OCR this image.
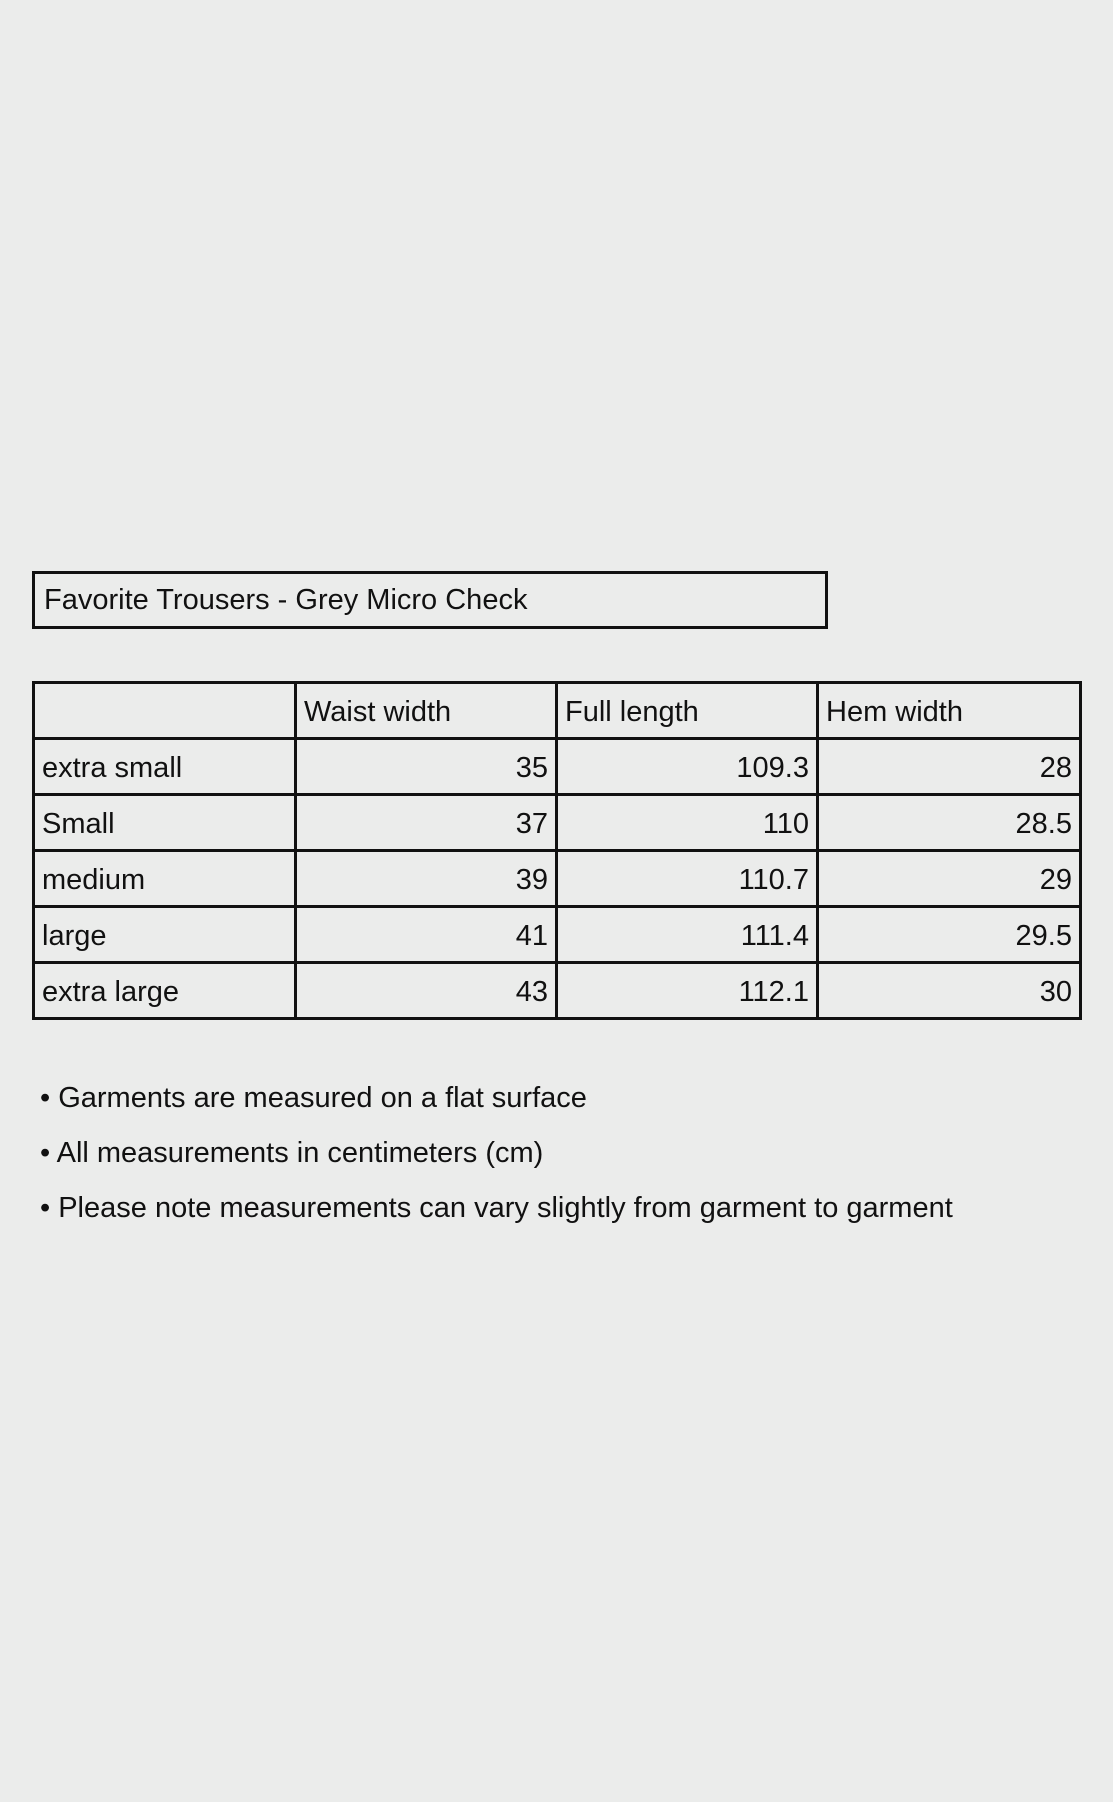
Favorite Trousers - Grey Micro Check
	Waist width	Full length	Hem width
extra small	35	109.3	28
Small	37	110	28.5
medium	39	110.7	29
large	41	111.4	29.5
extra large	43	112.1	30
• Garments are measured on a flat surface
• All measurements in centimeters (cm)
• Please note measurements can vary slightly from garment to garment
